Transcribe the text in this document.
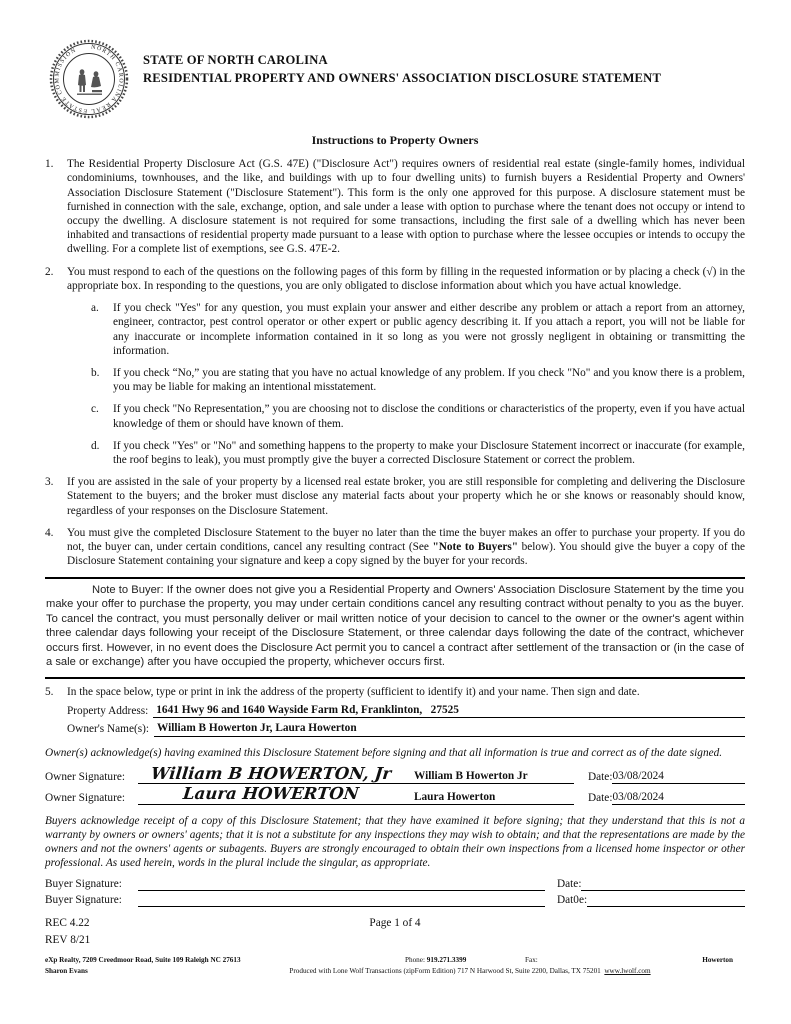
NORTH CAROLINA REAL ESTATE COMMISSION
STATE OF NORTH CAROLINA
RESIDENTIAL PROPERTY AND OWNERS' ASSOCIATION DISCLOSURE STATEMENT
Instructions to Property Owners
1.	The Residential Property Disclosure Act (G.S. 47E) ("Disclosure Act") requires owners of residential real estate (single-family homes, individual condominiums, townhouses, and the like, and buildings with up to four dwelling units) to furnish buyers a Residential Property and Owners' Association Disclosure Statement ("Disclosure Statement"). This form is the only one approved for this purpose. A disclosure statement must be furnished in connection with the sale, exchange, option, and sale under a lease with option to purchase where the tenant does not occupy or intend to occupy the dwelling. A disclosure statement is not required for some transactions, including the first sale of a dwelling which has never been inhabited and transactions of residential property made pursuant to a lease with option to purchase where the lessee occupies or intends to occupy the dwelling. For a complete list of exemptions, see G.S. 47E-2.
2.	You must respond to each of the questions on the following pages of this form by filling in the requested information or by placing a check (√) in the appropriate box. In responding to the questions, you are only obligated to disclose information about which you have actual knowledge.
a.	If you check "Yes" for any question, you must explain your answer and either describe any problem or attach a report from an attorney, engineer, contractor, pest control operator or other expert or public agency describing it. If you attach a report, you will not be liable for any inaccurate or incomplete information contained in it so long as you were not grossly negligent in obtaining or transmitting the information.
b.	If you check “No,” you are stating that you have no actual knowledge of any problem. If you check "No" and you know there is a problem, you may be liable for making an intentional misstatement.
c.	If you check "No Representation,” you are choosing not to disclose the conditions or characteristics of the property, even if you have actual knowledge of them or should have known of them.
d.	If you check "Yes" or "No" and something happens to the property to make your Disclosure Statement incorrect or inaccurate (for example, the roof begins to leak), you must promptly give the buyer a corrected Disclosure Statement or correct the problem.
3.	If you are assisted in the sale of your property by a licensed real estate broker, you are still responsible for completing and delivering the Disclosure Statement to the buyers; and the broker must disclose any material facts about your property which he or she knows or reasonably should know, regardless of your responses on the Disclosure Statement.
4.	You must give the completed Disclosure Statement to the buyer no later than the time the buyer makes an offer to purchase your property. If you do not, the buyer can, under certain conditions, cancel any resulting contract (See "Note to Buyers" below). You should give the buyer a copy of the Disclosure Statement containing your signature and keep a copy signed by the buyer for your records.
Note to Buyer: If the owner does not give you a Residential Property and Owners' Association Disclosure Statement by the time you make your offer to purchase the property, you may under certain conditions cancel any resulting contract without penalty to you as the buyer. To cancel the contract, you must personally deliver or mail written notice of your decision to cancel to the owner or the owner's agent within three calendar days following your receipt of the Disclosure Statement, or three calendar days following the date of the contract, whichever occurs first. However, in no event does the Disclosure Act permit you to cancel a contract after settlement of the transaction or (in the case of a sale or exchange) after you have occupied the property, whichever occurs first.
5.	In the space below, type or print in ink the address of the property (sufficient to identify it) and your name. Then sign and date.
Property Address: 1641 Hwy 96 and 1640 Wayside Farm Rd, Franklinton,   27525
Owner's Name(s): William B Howerton Jr, Laura Howerton
Owner(s) acknowledge(s) having examined this Disclosure Statement before signing and that all information is true and correct as of the date signed.
Owner Signature:	William B HOWERTON, Jr	William B Howerton Jr	Date: 03/08/2024
Owner Signature:	Laura HOWERTON	Laura Howerton	Date: 03/08/2024
Buyers acknowledge receipt of a copy of this Disclosure Statement; that they have examined it before signing; that they understand that this is not a warranty by owners or owners' agents; that it is not a substitute for any inspections they may wish to obtain; and that the representations are made by the owners and not the owners' agents or subagents. Buyers are strongly encouraged to obtain their own inspections from a licensed home inspector or other professional. As used herein, words in the plural include the singular, as appropriate.
Buyer Signature:	Date:
Buyer Signature:	Dat0e:
REC 4.22	Page 1 of 4
REV 8/21
eXp Realty, 7209 Creedmoor Road, Suite 109 Raleigh NC 27613	Phone: 919.271.3399	Fax:	Howerton
Sharon Evans	Produced with Lone Wolf Transactions (zipForm Edition) 717 N Harwood St, Suite 2200, Dallas, TX 75201 www.lwolf.com
